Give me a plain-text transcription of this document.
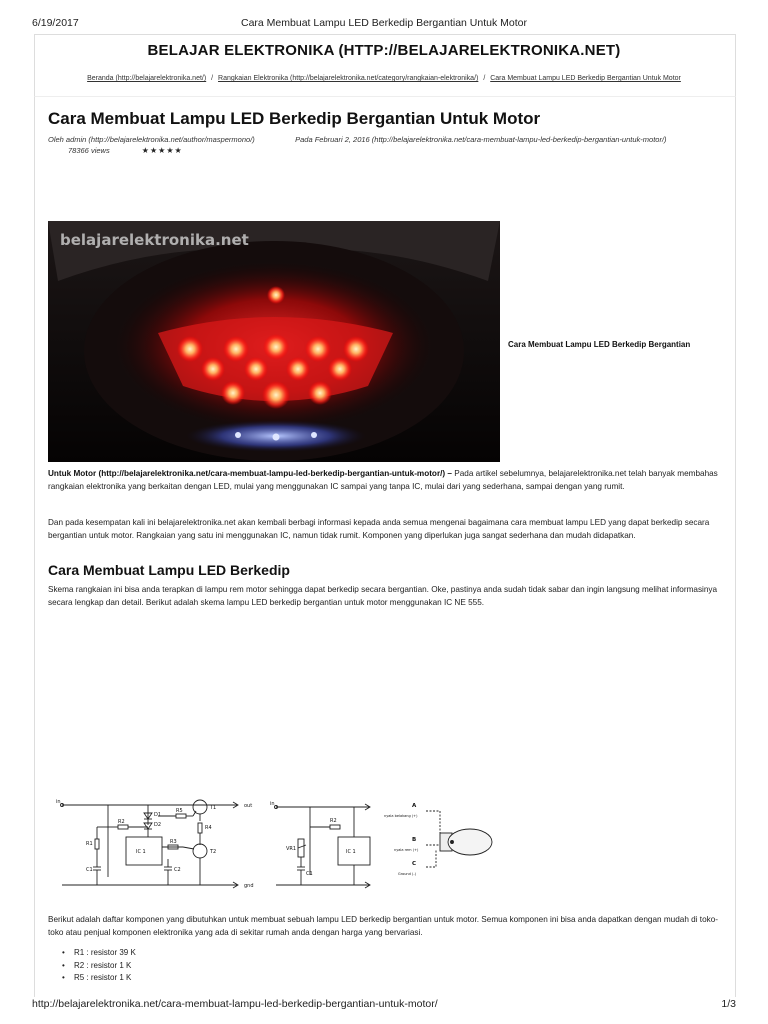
6/19/2017	Cara Membuat Lampu LED Berkedip Bergantian Untuk Motor
BELAJAR ELEKTRONIKA (HTTP://BELAJARELEKTRONIKA.NET)
Beranda (http://belajarelektronika.net/) / Rangkaian Elektronika (http://belajarelektronika.net/category/rangkaian-elektronika/) / Cara Membuat Lampu LED Berkedip Bergantian Untuk Motor
Cara Membuat Lampu LED Berkedip Bergantian Untuk Motor
Oleh admin (http://belajarelektronika.net/author/maspermono/)	Pada Februari 2, 2016 (http://belajarelektronika.net/cara-membuat-lampu-led-berkedip-bergantian-untuk-motor/) 78366 views	★★★★★
belajarelektronika.net
Cara Membuat Lampu LED Berkedip Bergantian

Untuk Motor (http://belajarelektronika.net/cara-membuat-lampu-led-berkedip-bergantian-untuk-motor/) – Pada artikel sebelumnya, belajarelektronika.net telah banyak membahas rangkaian elektronika yang berkaitan dengan LED, mulai yang menggunakan IC sampai yang tanpa IC, mulai dari yang sederhana, sampai dengan yang rumit.

Dan pada kesempatan kali ini belajarelektronika.net akan kembali berbagi informasi kepada anda semua mengenai bagaimana cara membuat lampu LED yang dapat berkedip secara bergantian untuk motor. Rangkaian yang satu ini menggunakan IC, namun tidak rumit. Komponen yang diperlukan juga sangat sederhana dan mudah didapatkan.

Cara Membuat Lampu LED Berkedip

Skema rangkaian ini bisa anda terapkan di lampu rem motor sehingga dapat berkedip secara bergantian. Oke, pastinya anda sudah tidak sabar dan ingin langsung melihat informasinya secara lengkap dan detail. Berikut adalah skema lampu LED berkedip bergantian untuk motor menggunakan IC NE 555.

in
out
gnd
IC 1
R1
R2
R3
R4
R5
D1
D2
T1
T2
C1	C2
in
IC 1
R2
VR1
C1
A
nyala belakang (+)
B
nyala rem (+)
C
Ground (-)

Berikut adalah daftar komponen yang dibutuhkan untuk membuat sebuah lampu LED berkedip bergantian untuk motor. Semua komponen ini bisa anda dapatkan dengan mudah di toko-toko atau penjual komponen elektronika yang ada di sekitar rumah anda dengan harga yang bervariasi.

• R1 : resistor 39 K
• R2 : resistor 1 K
• R5 : resistor 1 K
http://belajarelektronika.net/cara-membuat-lampu-led-berkedip-bergantian-untuk-motor/	1/3
